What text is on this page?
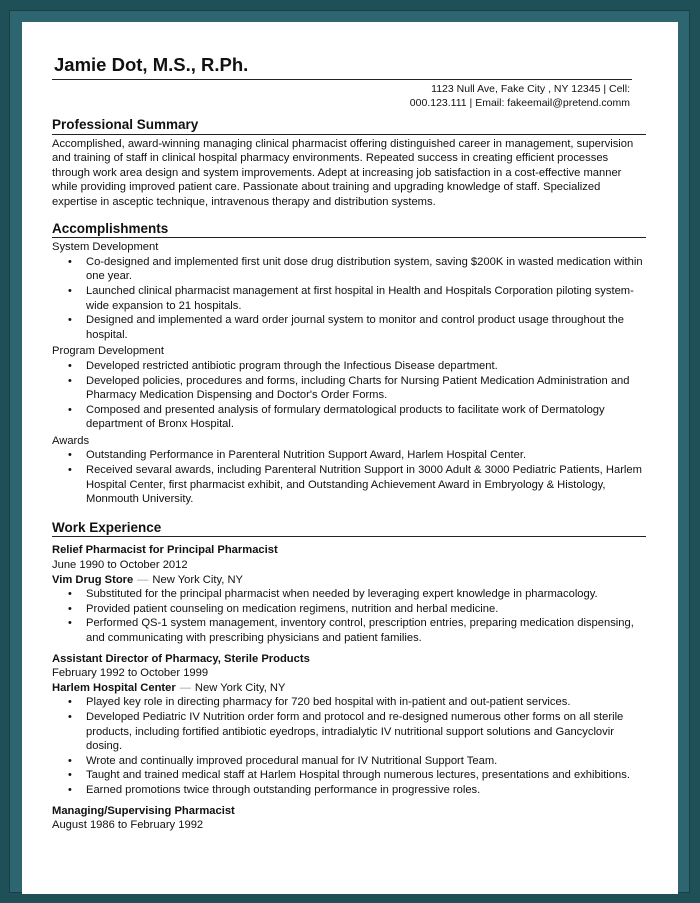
Jamie Dot, M.S., R.Ph.
1123 Null Ave, Fake City , NY 12345 | Cell:
000.123.111 | Email: fakeemail@pretend.comm
Professional Summary

Accomplished, award-winning managing clinical pharmacist offering distinguished career in management, supervision and training of staff in clinical hospital pharmacy environments. Repeated success in creating efficient processes through work area design and system improvements. Adept at increasing job satisfaction in a cost-effective manner while providing improved patient care. Passionate about training and upgrading knowledge of staff. Specialized expertise in asceptic technique, intravenous therapy and distribution systems.

Accomplishments
System Development
• Co-designed and implemented first unit dose drug distribution system, saving $200K in wasted medication within one year.
• Launched clinical pharmacist management at first hospital in Health and Hospitals Corporation piloting system-wide expansion to 21 hospitals.
• Designed and implemented a ward order journal system to monitor and control product usage throughout the hospital.
Program Development
• Developed restricted antibiotic program through the Infectious Disease department.
• Developed policies, procedures and forms, including Charts for Nursing Patient Medication Administration and Pharmacy Medication Dispensing and Doctor's Order Forms.
• Composed and presented analysis of formulary dermatological products to facilitate work of Dermatology department of Bronx Hospital.
Awards
• Outstanding Performance in Parenteral Nutrition Support Award, Harlem Hospital Center.
• Received sevaral awards, including Parenteral Nutrition Support in 3000 Adult & 3000 Pediatric Patients, Harlem Hospital Center, first pharmacist exhibit, and Outstanding Achievement Award in Embryology & Histology, Monmouth University.
Work Experience
Relief Pharmacist for Principal Pharmacist
June 1990 to October 2012
Vim Drug Store — New York City, NY
• Substituted for the principal pharmacist when needed by leveraging expert knowledge in pharmacology.
• Provided patient counseling on medication regimens, nutrition and herbal medicine.
• Performed QS-1 system management, inventory control, prescription entries, preparing medication dispensing, and communicating with prescribing physicians and patient families.
Assistant Director of Pharmacy, Sterile Products
February 1992 to October 1999
Harlem Hospital Center — New York City, NY
• Played key role in directing pharmacy for 720 bed hospital with in-patient and out-patient services.
• Developed Pediatric IV Nutrition order form and protocol and re-designed numerous other forms on all sterile products, including fortified antibiotic eyedrops, intradialytic IV nutritional support solutions and Gancyclovir dosing.
• Wrote and continually improved procedural manual for IV Nutritional Support Team.
• Taught and trained medical staff at Harlem Hospital through numerous lectures, presentations and exhibitions.
• Earned promotions twice through outstanding performance in progressive roles.
Managing/Supervising Pharmacist
August 1986 to February 1992
